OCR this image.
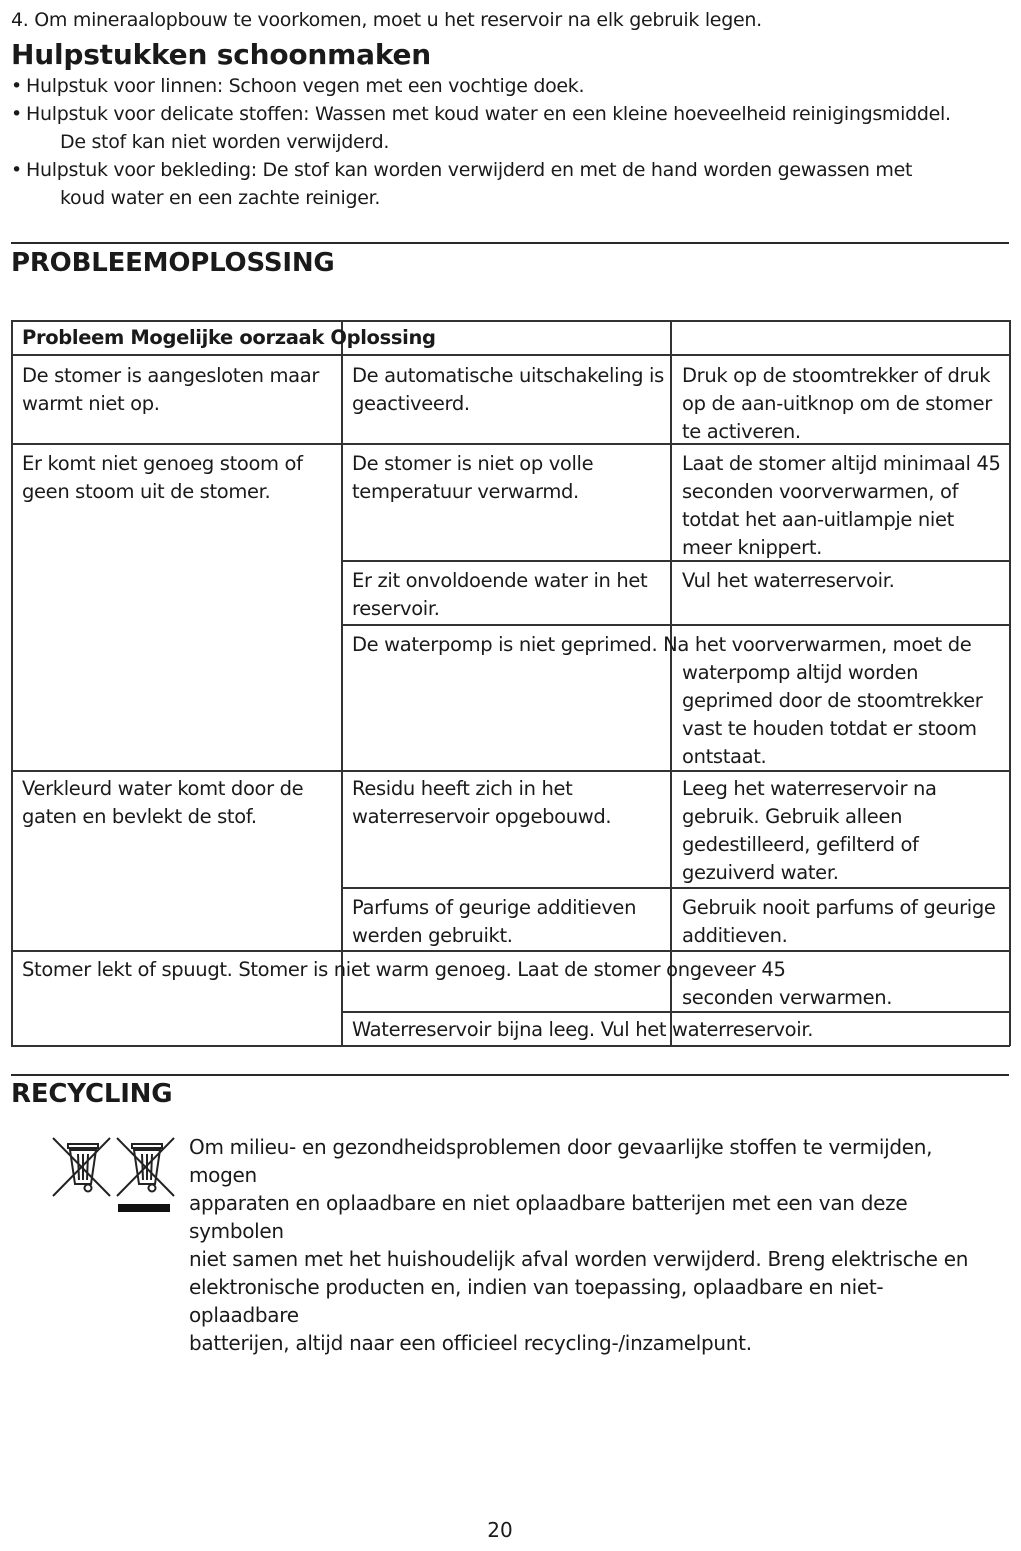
4. Om mineraalopbouw te voorkomen, moet u het reservoir na elk gebruik legen.
Hulpstukken schoonmaken
• Hulpstuk voor linnen: Schoon vegen met een vochtige doek.
• Hulpstuk voor delicate stoffen: Wassen met koud water en een kleine hoeveelheid reinigingsmiddel.
De stof kan niet worden verwijderd.
• Hulpstuk voor bekleding: De stof kan worden verwijderd en met de hand worden gewassen met
koud water en een zachte reiniger.
PROBLEEMOPLOSSING
Probleem Mogelijke oorzaak Oplossing
De stomer is aangesloten maar
warmt niet op.
De automatische uitschakeling is
geactiveerd.
Druk op de stoomtrekker of druk
op de aan-uitknop om de stomer
te activeren.
Er komt niet genoeg stoom of
geen stoom uit de stomer.
De stomer is niet op volle
temperatuur verwarmd.
Laat de stomer altijd minimaal 45
seconden voorverwarmen, of
totdat het aan-uitlampje niet
meer knippert.
Er zit onvoldoende water in het
reservoir.
Vul het waterreservoir.
De waterpomp is niet geprimed. Na het voorverwarmen, moet de
waterpomp altijd worden
geprimed door de stoomtrekker
vast te houden totdat er stoom
ontstaat.
Verkleurd water komt door de
gaten en bevlekt de stof.
Residu heeft zich in het
waterreservoir opgebouwd.
Leeg het waterreservoir na
gebruik. Gebruik alleen
gedestilleerd, gefilterd of
gezuiverd water.
Parfums of geurige additieven
werden gebruikt.
Gebruik nooit parfums of geurige
additieven.
Stomer lekt of spuugt. Stomer is niet warm genoeg. Laat de stomer ongeveer 45
seconden verwarmen.
Waterreservoir bijna leeg. Vul het waterreservoir.
RECYCLING
Om milieu- en gezondheidsproblemen door gevaarlijke stoffen te vermijden, mogen
apparaten en oplaadbare en niet oplaadbare batterijen met een van deze symbolen
niet samen met het huishoudelijk afval worden verwijderd. Breng elektrische en
elektronische producten en, indien van toepassing, oplaadbare en niet-oplaadbare
batterijen, altijd naar een officieel recycling-/inzamelpunt.
20
